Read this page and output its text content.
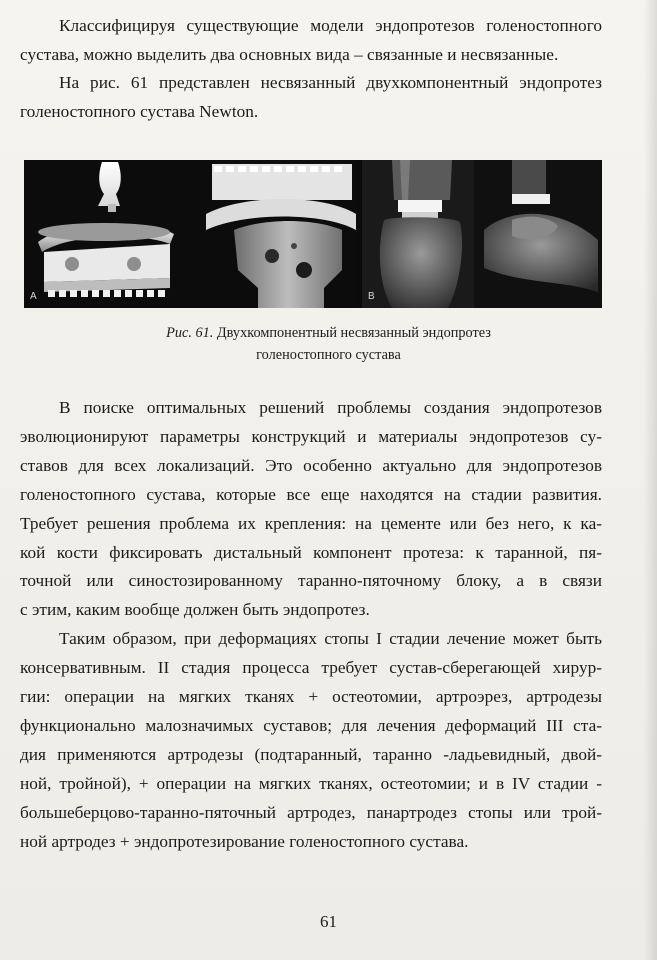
Классифицируя существующие модели эндопротезов голеностопного
сустава, можно выделить два основных вида – связанные и несвязанные.

На рис. 61 представлен несвязанный двухкомпонентный эндопротез
голеностопного сустава Newton.

A	B
Рис. 61. Двухкомпонентный несвязанный эндопротез
голеностопного сустава

В поиске оптимальных решений проблемы создания эндопротезов
эволюционируют параметры конструкций и материалы эндопротезов су-
ставов для всех локализаций. Это особенно актуально для эндопротезов
голеностопного сустава, которые все еще находятся на стадии развития.
Требует решения проблема их крепления: на цементе или без него, к ка-
кой кости фиксировать дистальный компонент протеза: к таранной, пя-
точной или синостозированному таранно-пяточному блоку, а в связи
с этим, каким вообще должен быть эндопротез.

Таким образом, при деформациях стопы I стадии лечение может быть
консервативным. II стадия процесса требует сустав-сберегающей хирур-
гии: операции на мягких тканях + остеотомии, артроэрез, артродезы
функционально малозначимых суставов; для лечения деформаций III ста-
дия применяются артродезы (подтаранный, таранно -ладьевидный, двой-
ной, тройной), + операции на мягких тканях, остеотомии; и в IV стадии -
большеберцово-таранно-пяточный артродез, панартродез стопы или трой-
ной артродез + эндопротезирование голеностопного сустава.

61
